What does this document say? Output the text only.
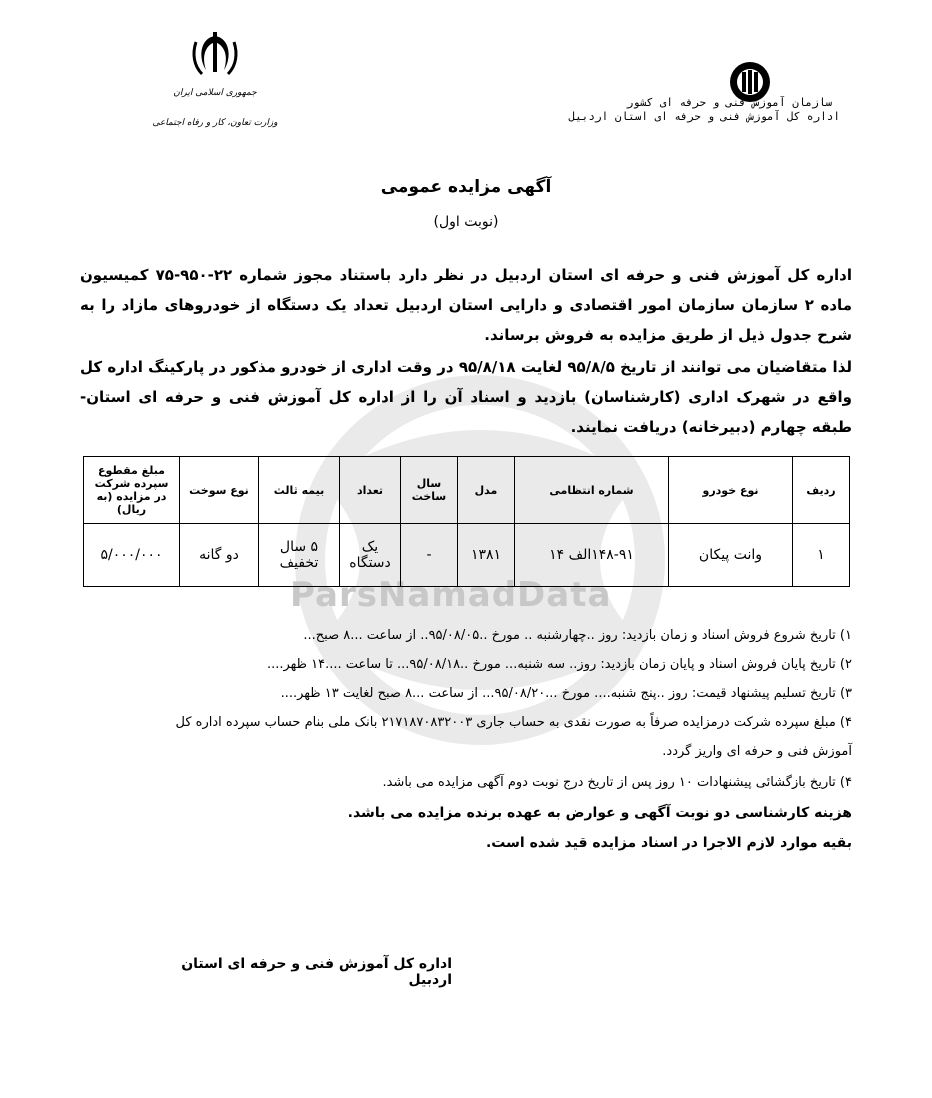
ParsNamadData
جمهوری اسلامی ایران
وزارت تعاون، کار و رفاه اجتماعی
سازمان آموزش فنی و حرفه ای کشور
اداره کل آموزش فنی و حرفه ای استان اردبیل
آگهی مزایده عمومی
(نوبت اول)
اداره کل آموزش فنی و حرفه ای استان اردبیل در نظر دارد باستناد مجوز شماره ۲۲-۹۵۰-۷۵ کمیسیون ماده ۲ سازمان سازمان امور اقتصادی و دارایی استان اردبیل تعداد یک دستگاه از خودروهای مازاد را به شرح جدول ذیل از طریق مزایده به فروش برساند.
لذا متقاضیان می توانند از تاریخ ۹۵/۸/۵ لغایت ۹۵/۸/۱۸ در وقت اداری از خودرو مذکور در پارکینگ اداره کل واقع در شهرک اداری (کارشناسان) بازدید و اسناد آن را از اداره کل آموزش فنی و حرفه ای استان- طبقه چهارم (دبیرخانه) دریافت نمایند.
ردیف	نوع خودرو	شماره انتظامی	مدل	سال ساخت	تعداد	بیمه ثالث	نوع سوخت	مبلغ مقطوع سپرده شرکت در مزایده (به ریال)
۱	وانت پیکان	۱۴۸-۹۱الف ۱۴	۱۳۸۱	-	یک دستگاه	۵ سال تخفیف	دو گانه	۵/۰۰۰/۰۰۰
۱) تاریخ شروع فروش اسناد و زمان بازدید: روز ..چهارشنبه .. مورخ ..۹۵/۰۸/۰۵.. از ساعت ...۸ صبح...
۲) تاریخ پایان فروش اسناد و پایان زمان بازدید: روز.. سه شنبه... مورخ ..۹۵/۰۸/۱۸... تا ساعت ....۱۴ ظهر....
۳) تاریخ تسلیم پیشنهاد قیمت: روز ..پنج شنبه.... مورخ ...۹۵/۰۸/۲۰... از ساعت ...۸ صبح لغایت ۱۳ ظهر....
۴) مبلغ سپرده شرکت درمزایده صرفاً به صورت نقدی به حساب جاری ۲۱۷۱۸۷۰۸۳۲۰۰۳ بانک ملی بنام حساب سپرده اداره کل آموزش فنی و حرفه ای واریز گردد.
۴) تاریخ بازگشائی پیشنهادات ۱۰ روز پس از تاریخ درج نوبت دوم آگهی مزایده می باشد.
هزینه کارشناسی دو نوبت آگهی و عوارض به عهده برنده مزایده می باشد.
بقیه موارد لازم الاجرا در اسناد مزایده قید شده است.
اداره کل آموزش فنی و حرفه ای استان اردبیل
